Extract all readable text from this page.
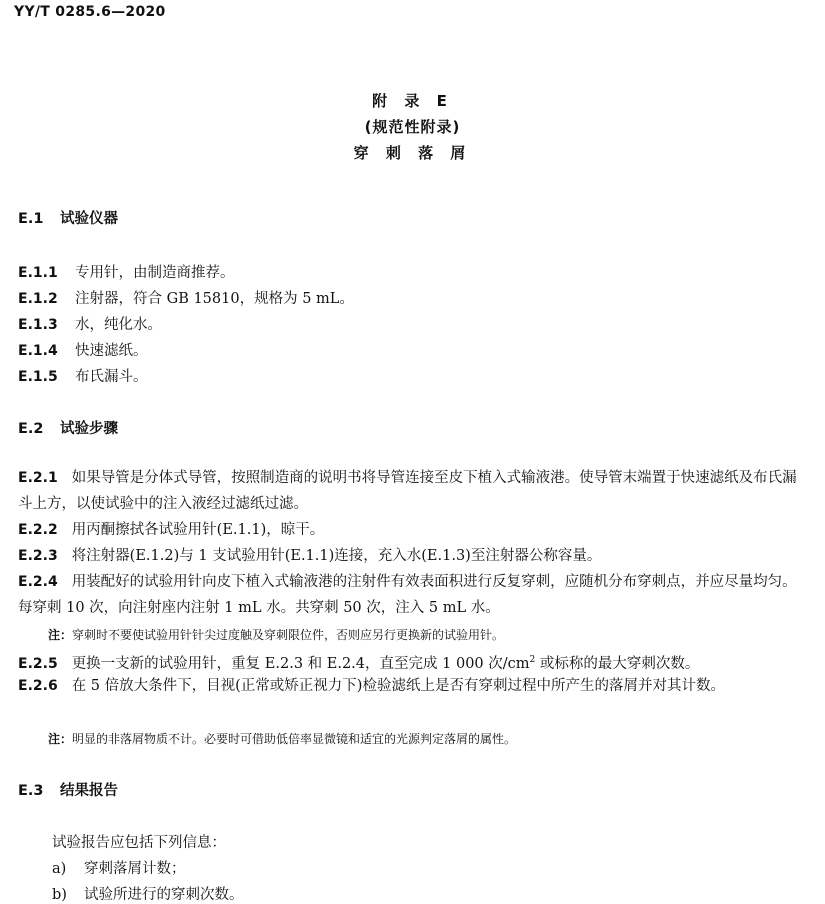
YY/T 0285.6—2020
附 录 E
(规范性附录)
穿 刺 落 屑
E.1 试验仪器
E.1.1 专用针，由制造商推荐。
E.1.2 注射器，符合 GB 15810，规格为 5 mL。
E.1.3 水，纯化水。
E.1.4 快速滤纸。
E.1.5 布氏漏斗。
E.2 试验步骤
E.2.1 如果导管是分体式导管，按照制造商的说明书将导管连接至皮下植入式输液港。使导管末端置于快速滤纸及布氏漏斗上方，以使试验中的注入液经过滤纸过滤。
E.2.2 用丙酮擦拭各试验用针(E.1.1)，晾干。
E.2.3 将注射器(E.1.2)与 1 支试验用针(E.1.1)连接，充入水(E.1.3)至注射器公称容量。
E.2.4 用装配好的试验用针向皮下植入式输液港的注射件有效表面积进行反复穿刺，应随机分布穿刺点，并应尽量均匀。每穿刺 10 次，向注射座内注射 1 mL 水。共穿刺 50 次，注入 5 mL 水。
注：穿刺时不要使试验用针针尖过度触及穿刺限位件，否则应另行更换新的试验用针。
E.2.5 更换一支新的试验用针，重复 E.2.3 和 E.2.4，直至完成 1 000 次$/cm^2$ 或标称的最大穿刺次数。
E.2.6 在 5 倍放大条件下，目视(正常或矫正视力下)检验滤纸上是否有穿刺过程中所产生的落屑并对其计数。
注：明显的非落屑物质不计。必要时可借助低倍率显微镜和适宜的光源判定落屑的属性。
E.3 结果报告
试验报告应包括下列信息：
a) 穿刺落屑计数；
b) 试验所进行的穿刺次数。
